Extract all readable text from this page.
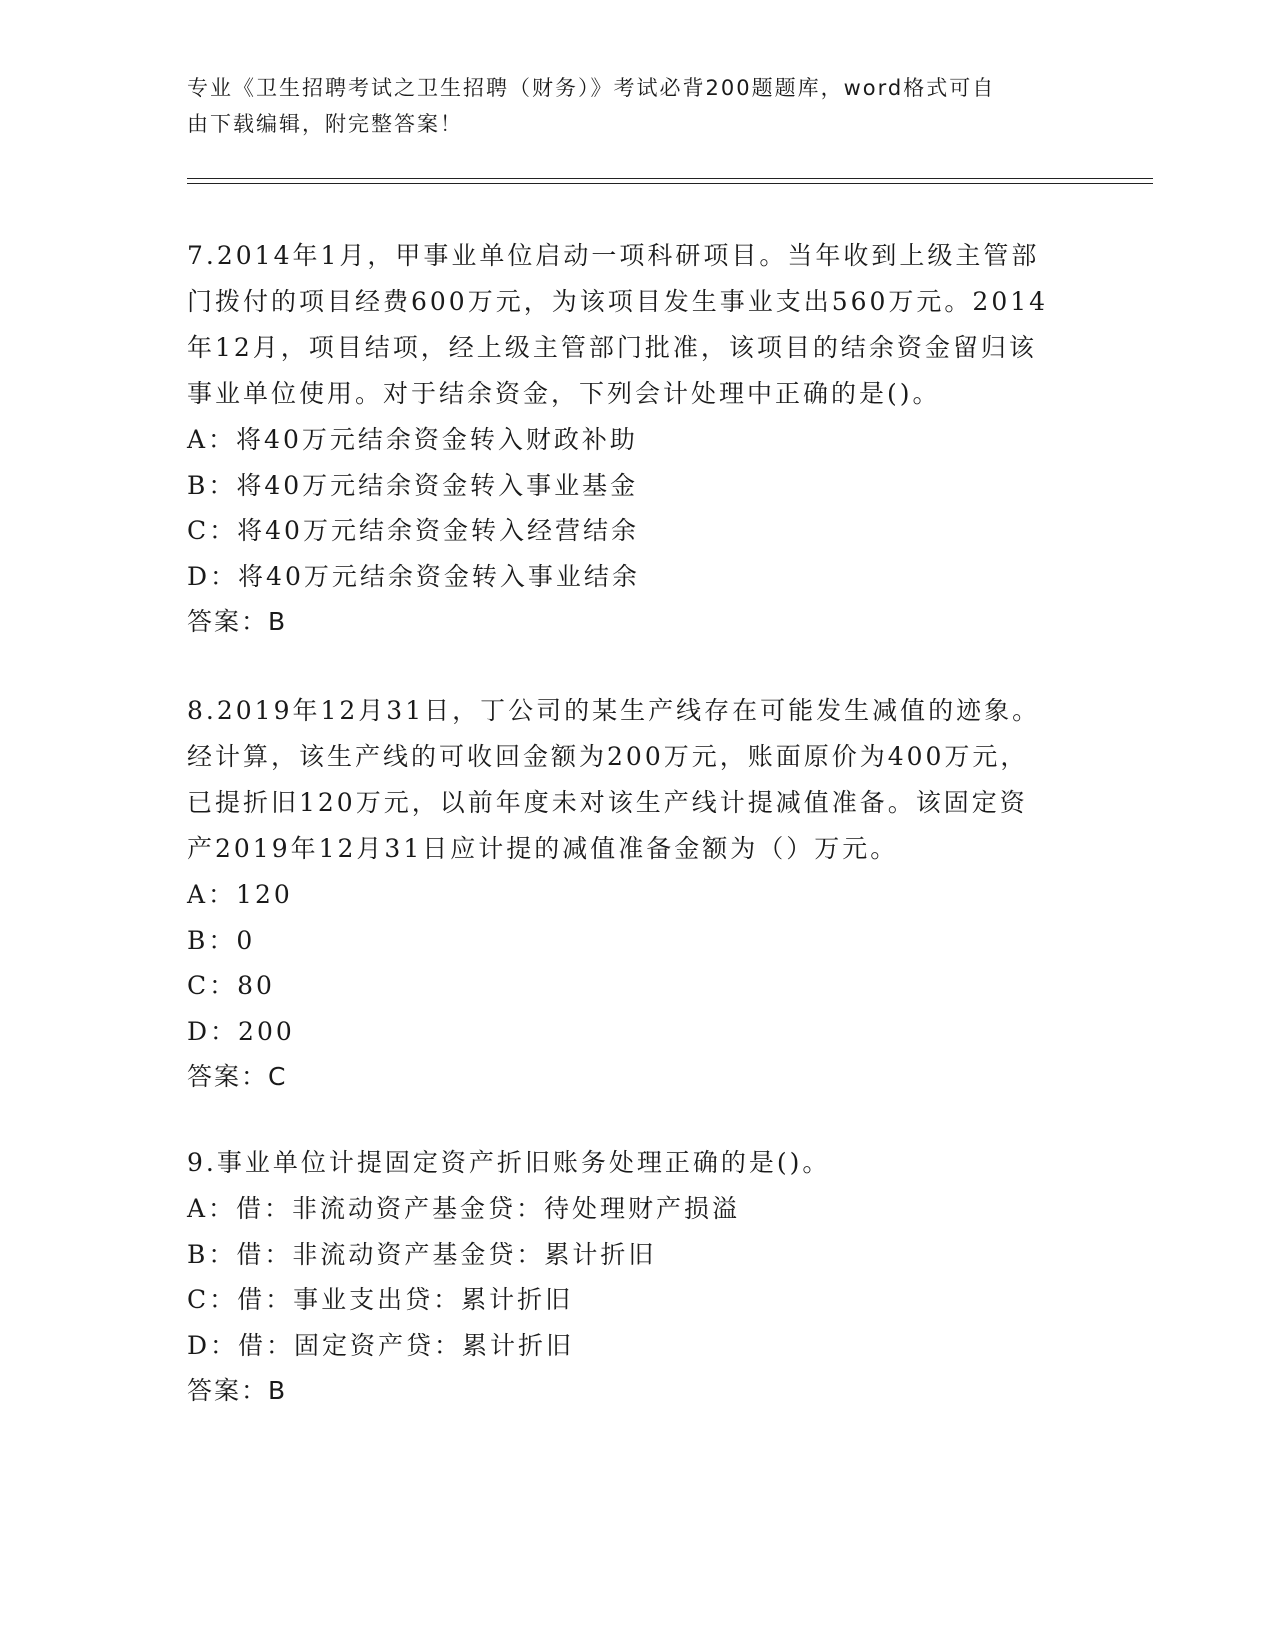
专业《卫生招聘考试之卫生招聘（财务）》考试必背200题题库，word格式可自
由下载编辑，附完整答案！

7.2014年1月，甲事业单位启动一项科研项目。当年收到上级主管部

门拨付的项目经费600万元，为该项目发生事业支出560万元。2014

年12月，项目结项，经上级主管部门批准，该项目的结余资金留归该

事业单位使用。对于结余资金，下列会计处理中正确的是()。

A：将40万元结余资金转入财政补助

B：将40万元结余资金转入事业基金

C：将40万元结余资金转入经营结余

D：将40万元结余资金转入事业结余

答案：B

8.2019年12月31日，丁公司的某生产线存在可能发生减值的迹象。

经计算，该生产线的可收回金额为200万元，账面原价为400万元，

已提折旧120万元，以前年度未对该生产线计提减值准备。该固定资

产2019年12月31日应计提的减值准备金额为（）万元。

A：120

B：0

C：80

D：200

答案：C

9.事业单位计提固定资产折旧账务处理正确的是()。

A：借：非流动资产基金贷：待处理财产损溢

B：借：非流动资产基金贷：累计折旧

C：借：事业支出贷：累计折旧

D：借：固定资产贷：累计折旧

答案：B
